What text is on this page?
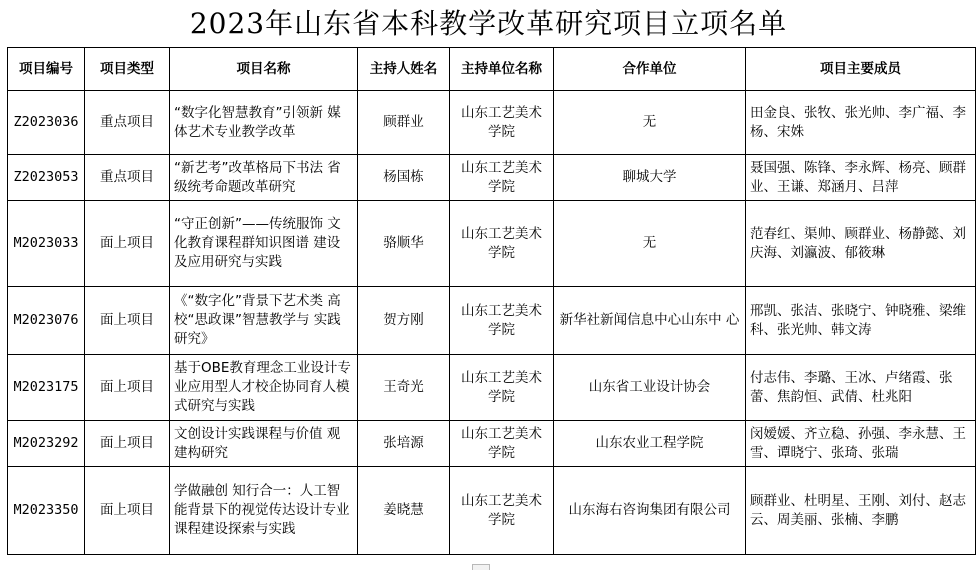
2023年山东省本科教学改革研究项目立项名单
项目编号	项目类型	项目名称	主持人姓名	主持单位名称	合作单位	项目主要成员
Z2023036	重点项目	“数字化智慧教育”引领新 媒体艺术专业教学改革	顾群业	山东工艺美术 学院	无	田金良、张牧、张光帅、李广福、李杨、宋姝
Z2023053	重点项目	“新艺考”改革格局下书法 省级统考命题改革研究	杨国栋	山东工艺美术 学院	聊城大学	聂国强、陈锋、李永辉、杨亮、顾群业、王谦、郑涵月、吕萍
M2023033	面上项目	“守正创新”——传统服饰 文化教育课程群知识图谱 建设及应用研究与实践	骆顺华	山东工艺美术 学院	无	范春红、渠帅、顾群业、杨静懿、刘庆海、刘瀛波、郁筱琳
M2023076	面上项目	《“数字化”背景下艺术类 高校“思政课”智慧教学与 实践研究》	贺方刚	山东工艺美术 学院	新华社新闻信息中心山东中 心	邢凯、张洁、张晓宁、钟晓雅、梁维科、张光帅、韩文涛
M2023175	面上项目	基于OBE教育理念工业设计专业应用型人才校企协同育人模式研究与实践	王奇光	山东工艺美术 学院	山东省工业设计协会	付志伟、李璐、王冰、卢绪霞、张蕾、焦韵恒、武倩、杜兆阳
M2023292	面上项目	文创设计实践课程与价值 观建构研究	张培源	山东工艺美术 学院	山东农业工程学院	闵嫒媛、齐立稳、孙强、李永慧、王雪、谭晓宁、张琦、张瑞
M2023350	面上项目	学做融创 知行合一：人工智能背景下的视觉传达设计专业课程建设探索与实践	姜晓慧	山东工艺美术 学院	山东海右咨询集团有限公司	顾群业、杜明星、王刚、刘付、赵志云、周美丽、张楠、李鹏
